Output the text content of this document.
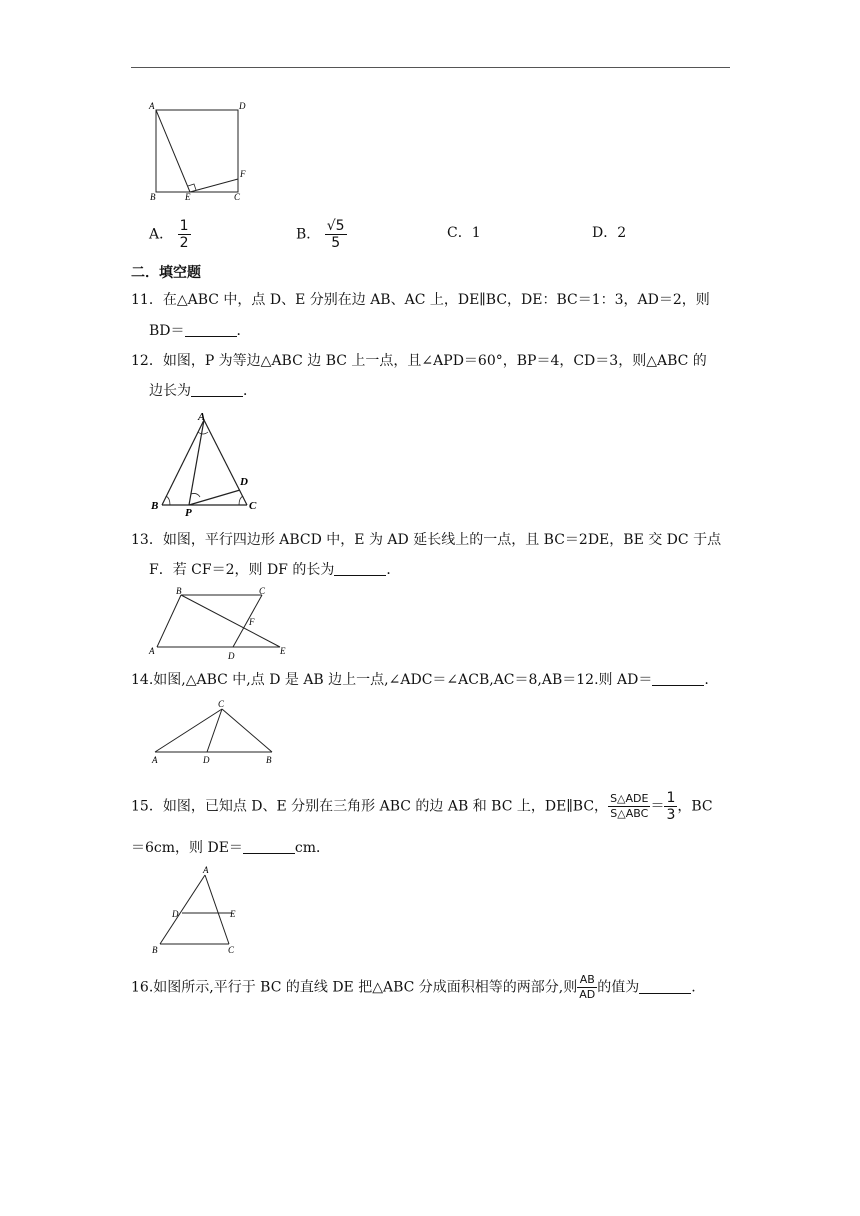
A	D
B	E	C
F
A． $\frac{1}{2}$	B． $\frac{√5}{5}$	C．1	D．2
二．填空题
11．在△ABC 中，点 D、E 分别在边 AB、AC 上，DE∥BC，DE：BC＝1：3，AD＝2，则
BD＝	．
12．如图，P 为等边△ABC 边 BC 上一点，且∠APD＝60°，BP＝4，CD＝3，则△ABC 的
边长为	．
A
B
P
C
D
13．如图，平行四边形 ABCD 中，E 为 AD 延长线上的一点，且 BC＝2DE，BE 交 DC 于点
F．若 CF＝2，则 DF 的长为	．
B	C
A	D	E
F
14.如图,△ABC 中,点 D 是 AB 边上一点,∠ADC＝∠ACB,AC＝8,AB＝12.则 AD＝	.
C
A	D	B
15．如图，已知点 D、E 分别在三角形 ABC 的边 AB 和 BC 上，DE∥BC， $\frac{\text{S△ADE}}{\text{S△ABC}} = \frac{1}{3}$ ，BC
＝6cm，则 DE＝	cm．
A
D	E
B	C
16.如图所示,平行于 BC 的直线 DE 把△ABC 分成面积相等的两部分,则 $\frac{AB}{AD}$ 的值为	.
